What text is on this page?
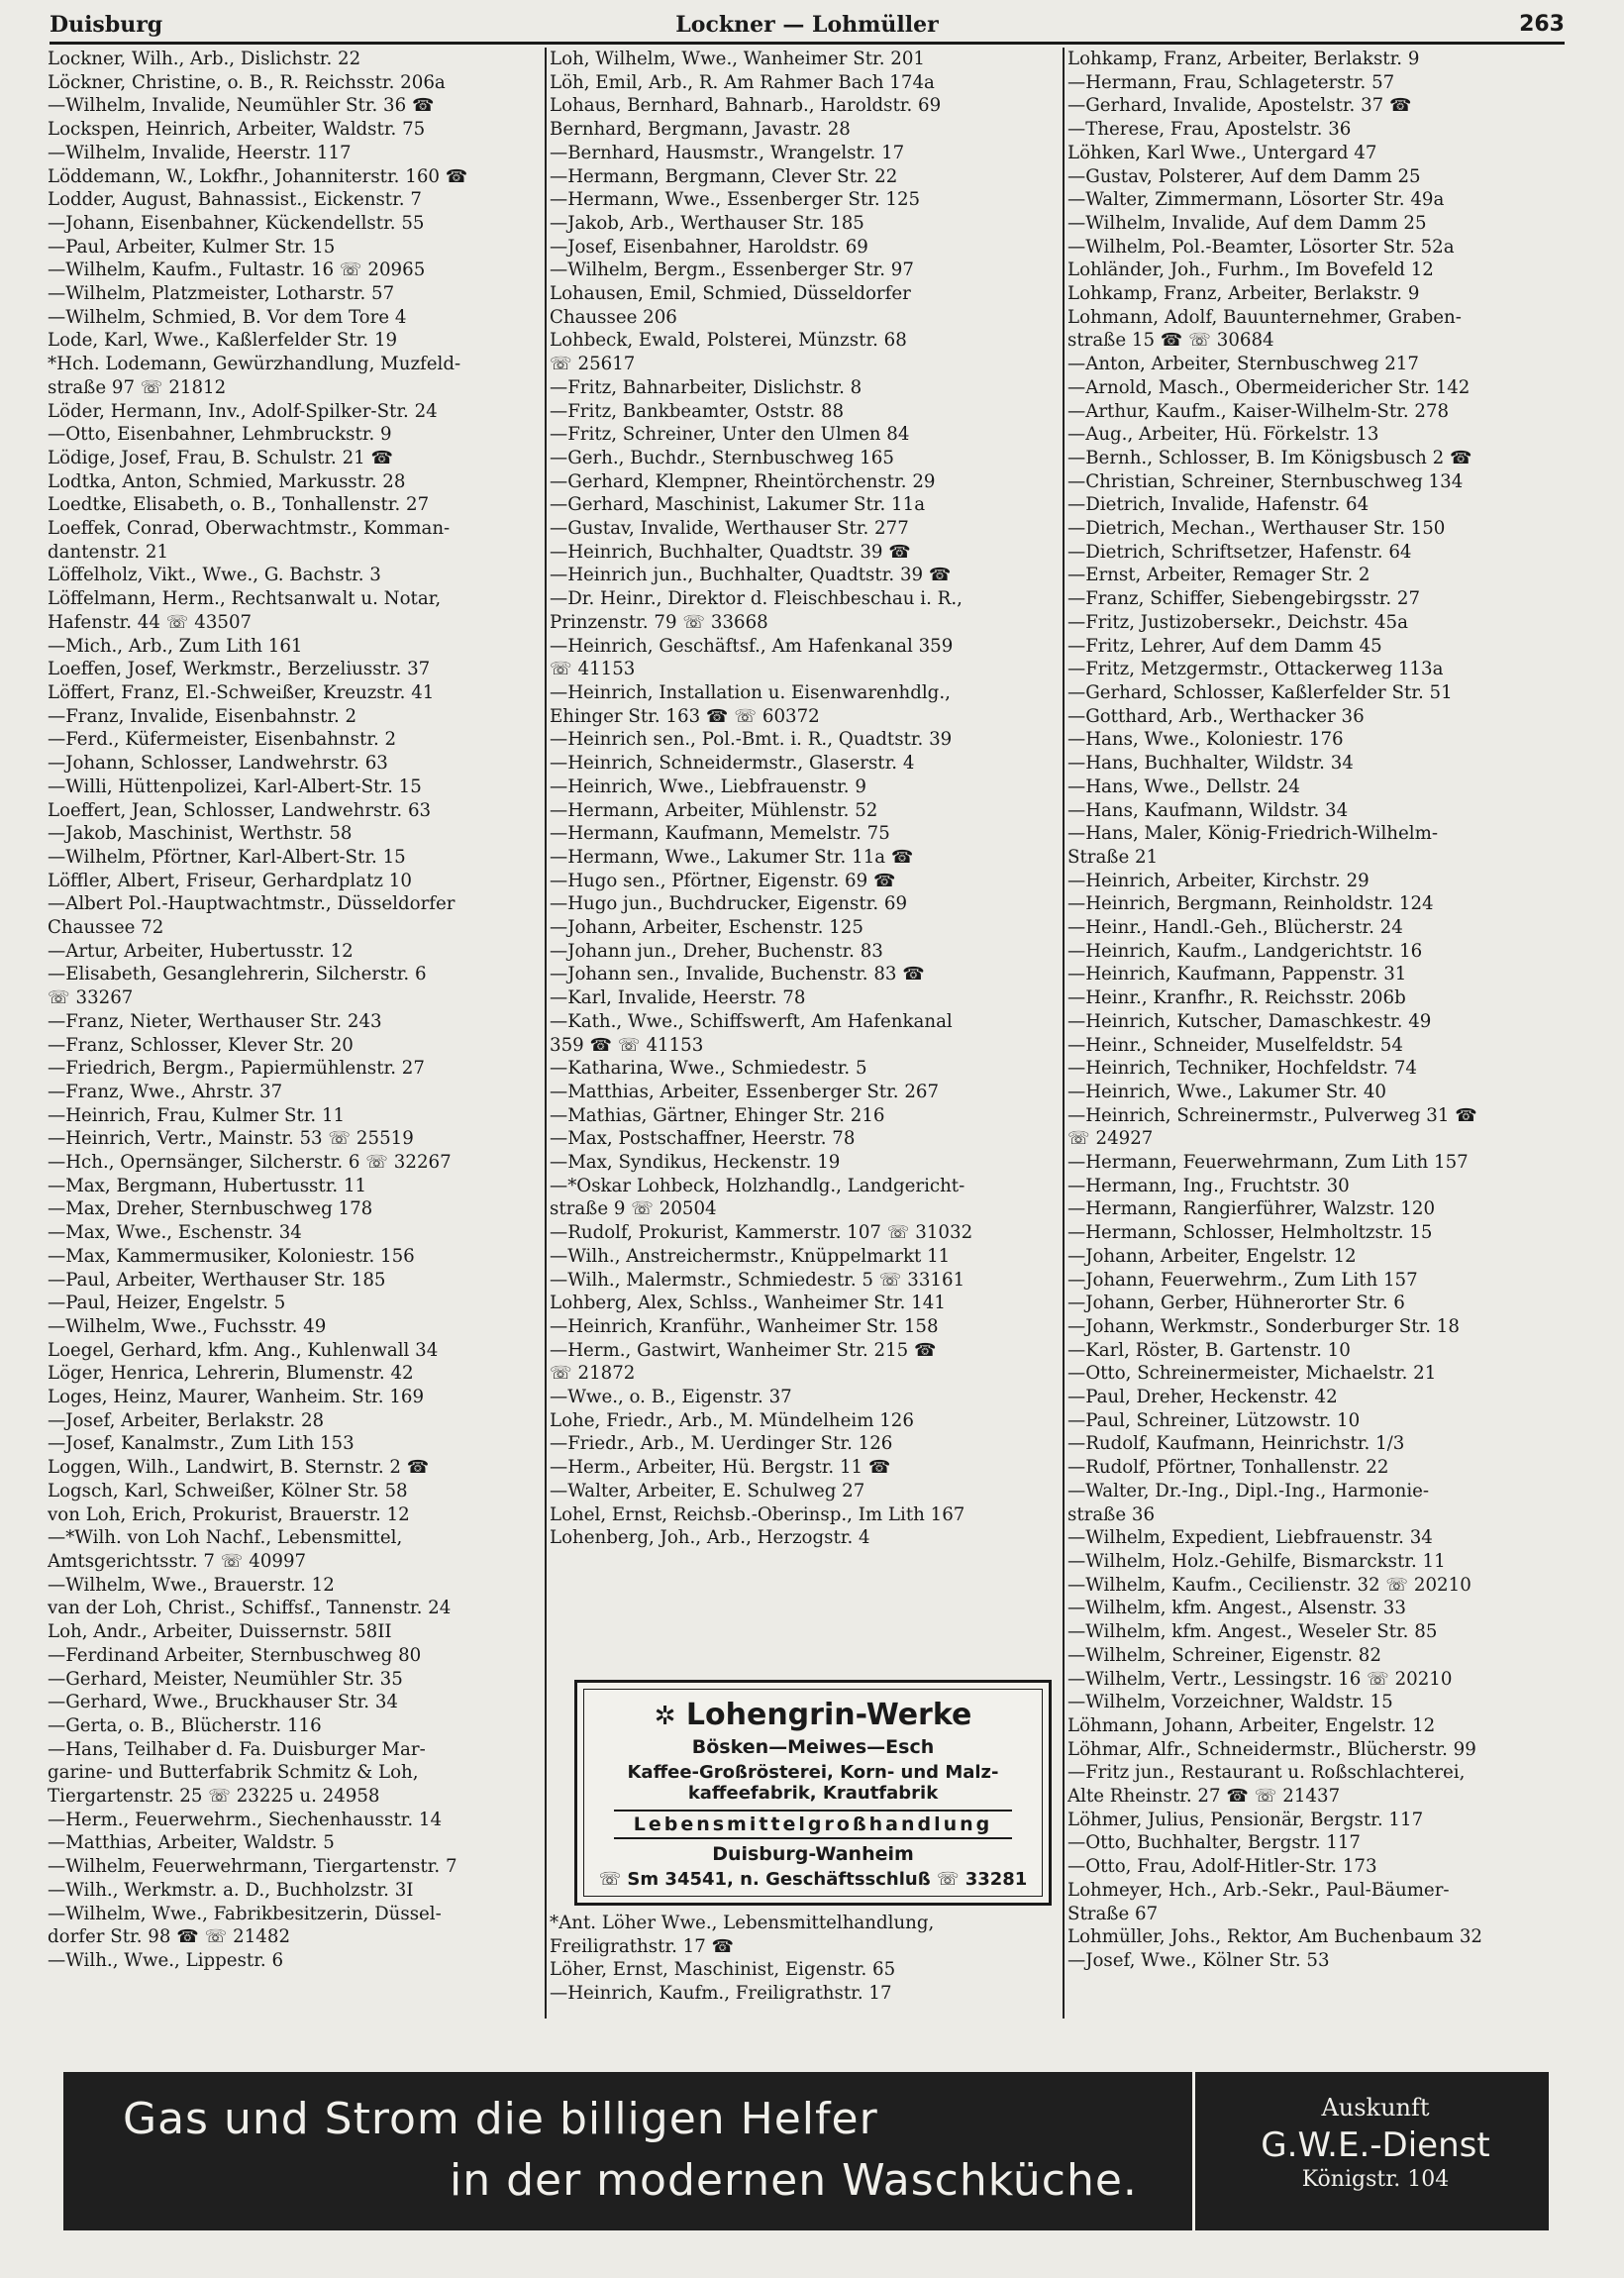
Duisburg	Lockner — Lohmüller	263
Lockner, Wilh., Arb., Dislichstr. 22
Löckner, Christine, o. B., R. Reichsstr. 206a
—Wilhelm, Invalide, Neumühler Str. 36 ☎
Lockspen, Heinrich, Arbeiter, Waldstr. 75
—Wilhelm, Invalide, Heerstr. 117
Löddemann, W., Lokfhr., Johanniterstr. 160 ☎
Lodder, August, Bahnassist., Eickenstr. 7
—Johann, Eisenbahner, Kückendellstr. 55
—Paul, Arbeiter, Kulmer Str. 15
—Wilhelm, Kaufm., Fultastr. 16 ☏ 20965
—Wilhelm, Platzmeister, Lotharstr. 57
—Wilhelm, Schmied, B. Vor dem Tore 4
Lode, Karl, Wwe., Kaßlerfelder Str. 19
*Hch. Lodemann, Gewürzhandlung, Muzfeld-
straße 97 ☏ 21812
Löder, Hermann, Inv., Adolf-Spilker-Str. 24
—Otto, Eisenbahner, Lehmbruckstr. 9
Lödige, Josef, Frau, B. Schulstr. 21 ☎
Lodtka, Anton, Schmied, Markusstr. 28
Loedtke, Elisabeth, o. B., Tonhallenstr. 27
Loeffek, Conrad, Oberwachtmstr., Komman-
dantenstr. 21
Löffelholz, Vikt., Wwe., G. Bachstr. 3
Löffelmann, Herm., Rechtsanwalt u. Notar,
Hafenstr. 44 ☏ 43507
—Mich., Arb., Zum Lith 161
Loeffen, Josef, Werkmstr., Berzeliusstr. 37
Löffert, Franz, El.-Schweißer, Kreuzstr. 41
—Franz, Invalide, Eisenbahnstr. 2
—Ferd., Küfermeister, Eisenbahnstr. 2
—Johann, Schlosser, Landwehrstr. 63
—Willi, Hüttenpolizei, Karl-Albert-Str. 15
Loeffert, Jean, Schlosser, Landwehrstr. 63
—Jakob, Maschinist, Werthstr. 58
—Wilhelm, Pförtner, Karl-Albert-Str. 15
Löffler, Albert, Friseur, Gerhardplatz 10
—Albert Pol.-Hauptwachtmstr., Düsseldorfer
Chaussee 72
—Artur, Arbeiter, Hubertusstr. 12
—Elisabeth, Gesanglehrerin, Silcherstr. 6
☏ 33267
—Franz, Nieter, Werthauser Str. 243
—Franz, Schlosser, Klever Str. 20
—Friedrich, Bergm., Papiermühlenstr. 27
—Franz, Wwe., Ahrstr. 37
—Heinrich, Frau, Kulmer Str. 11
—Heinrich, Vertr., Mainstr. 53 ☏ 25519
—Hch., Opernsänger, Silcherstr. 6 ☏ 32267
—Max, Bergmann, Hubertusstr. 11
—Max, Dreher, Sternbuschweg 178
—Max, Wwe., Eschenstr. 34
—Max, Kammermusiker, Koloniestr. 156
—Paul, Arbeiter, Werthauser Str. 185
—Paul, Heizer, Engelstr. 5
—Wilhelm, Wwe., Fuchsstr. 49
Loegel, Gerhard, kfm. Ang., Kuhlenwall 34
Löger, Henrica, Lehrerin, Blumenstr. 42
Loges, Heinz, Maurer, Wanheim. Str. 169
—Josef, Arbeiter, Berlakstr. 28
—Josef, Kanalmstr., Zum Lith 153
Loggen, Wilh., Landwirt, B. Sternstr. 2 ☎
Logsch, Karl, Schweißer, Kölner Str. 58
von Loh, Erich, Prokurist, Brauerstr. 12
—*Wilh. von Loh Nachf., Lebensmittel,
Amtsgerichtsstr. 7 ☏ 40997
—Wilhelm, Wwe., Brauerstr. 12
van der Loh, Christ., Schiffsf., Tannenstr. 24
Loh, Andr., Arbeiter, Duissernstr. 58II
—Ferdinand Arbeiter, Sternbuschweg 80
—Gerhard, Meister, Neumühler Str. 35
—Gerhard, Wwe., Bruckhauser Str. 34
—Gerta, o. B., Blücherstr. 116
—Hans, Teilhaber d. Fa. Duisburger Mar-
garine- und Butterfabrik Schmitz & Loh,
Tiergartenstr. 25 ☏ 23225 u. 24958
—Herm., Feuerwehrm., Siechenhausstr. 14
—Matthias, Arbeiter, Waldstr. 5
—Wilhelm, Feuerwehrmann, Tiergartenstr. 7
—Wilh., Werkmstr. a. D., Buchholzstr. 3I
—Wilhelm, Wwe., Fabrikbesitzerin, Düssel-
dorfer Str. 98 ☎ ☏ 21482
—Wilh., Wwe., Lippestr. 6
Loh, Wilhelm, Wwe., Wanheimer Str. 201
Löh, Emil, Arb., R. Am Rahmer Bach 174a
Lohaus, Bernhard, Bahnarb., Haroldstr. 69
Bernhard, Bergmann, Javastr. 28
—Bernhard, Hausmstr., Wrangelstr. 17
—Hermann, Bergmann, Clever Str. 22
—Hermann, Wwe., Essenberger Str. 125
—Jakob, Arb., Werthauser Str. 185
—Josef, Eisenbahner, Haroldstr. 69
—Wilhelm, Bergm., Essenberger Str. 97
Lohausen, Emil, Schmied, Düsseldorfer
Chaussee 206
Lohbeck, Ewald, Polsterei, Münzstr. 68
☏ 25617
—Fritz, Bahnarbeiter, Dislichstr. 8
—Fritz, Bankbeamter, Oststr. 88
—Fritz, Schreiner, Unter den Ulmen 84
—Gerh., Buchdr., Sternbuschweg 165
—Gerhard, Klempner, Rheintörchenstr. 29
—Gerhard, Maschinist, Lakumer Str. 11a
—Gustav, Invalide, Werthauser Str. 277
—Heinrich, Buchhalter, Quadtstr. 39 ☎
—Heinrich jun., Buchhalter, Quadtstr. 39 ☎
—Dr. Heinr., Direktor d. Fleischbeschau i. R.,
Prinzenstr. 79 ☏ 33668
—Heinrich, Geschäftsf., Am Hafenkanal 359
☏ 41153
—Heinrich, Installation u. Eisenwarenhdlg.,
Ehinger Str. 163 ☎ ☏ 60372
—Heinrich sen., Pol.-Bmt. i. R., Quadtstr. 39
—Heinrich, Schneidermstr., Glaserstr. 4
—Heinrich, Wwe., Liebfrauenstr. 9
—Hermann, Arbeiter, Mühlenstr. 52
—Hermann, Kaufmann, Memelstr. 75
—Hermann, Wwe., Lakumer Str. 11a ☎
—Hugo sen., Pförtner, Eigenstr. 69 ☎
—Hugo jun., Buchdrucker, Eigenstr. 69
—Johann, Arbeiter, Eschenstr. 125
—Johann jun., Dreher, Buchenstr. 83
—Johann sen., Invalide, Buchenstr. 83 ☎
—Karl, Invalide, Heerstr. 78
—Kath., Wwe., Schiffswerft, Am Hafenkanal
359 ☎ ☏ 41153
—Katharina, Wwe., Schmiedestr. 5
—Matthias, Arbeiter, Essenberger Str. 267
—Mathias, Gärtner, Ehinger Str. 216
—Max, Postschaffner, Heerstr. 78
—Max, Syndikus, Heckenstr. 19
—*Oskar Lohbeck, Holzhandlg., Landgericht-
straße 9 ☏ 20504
—Rudolf, Prokurist, Kammerstr. 107 ☏ 31032
—Wilh., Anstreichermstr., Knüppelmarkt 11
—Wilh., Malermstr., Schmiedestr. 5 ☏ 33161
Lohberg, Alex, Schlss., Wanheimer Str. 141
—Heinrich, Kranführ., Wanheimer Str. 158
—Herm., Gastwirt, Wanheimer Str. 215 ☎
☏ 21872
—Wwe., o. B., Eigenstr. 37
Lohe, Friedr., Arb., M. Mündelheim 126
—Friedr., Arb., M. Uerdinger Str. 126
—Herm., Arbeiter, Hü. Bergstr. 11 ☎
—Walter, Arbeiter, E. Schulweg 27
Lohel, Ernst, Reichsb.-Oberinsp., Im Lith 167
Lohenberg, Joh., Arb., Herzogstr. 4
Lohkamp, Franz, Arbeiter, Berlakstr. 9
—Hermann, Frau, Schlageterstr. 57
—Gerhard, Invalide, Apostelstr. 37 ☎
—Therese, Frau, Apostelstr. 36
Löhken, Karl Wwe., Untergard 47
—Gustav, Polsterer, Auf dem Damm 25
—Walter, Zimmermann, Lösorter Str. 49a
—Wilhelm, Invalide, Auf dem Damm 25
—Wilhelm, Pol.-Beamter, Lösorter Str. 52a
Lohländer, Joh., Furhm., Im Bovefeld 12
Lohkamp, Franz, Arbeiter, Berlakstr. 9
Lohmann, Adolf, Bauunternehmer, Graben-
straße 15 ☎ ☏ 30684
—Anton, Arbeiter, Sternbuschweg 217
—Arnold, Masch., Obermeidericher Str. 142
—Arthur, Kaufm., Kaiser-Wilhelm-Str. 278
—Aug., Arbeiter, Hü. Förkelstr. 13
—Bernh., Schlosser, B. Im Königsbusch 2 ☎
—Christian, Schreiner, Sternbuschweg 134
—Dietrich, Invalide, Hafenstr. 64
—Dietrich, Mechan., Werthauser Str. 150
—Dietrich, Schriftsetzer, Hafenstr. 64
—Ernst, Arbeiter, Remager Str. 2
—Franz, Schiffer, Siebengebirgsstr. 27
—Fritz, Justizobersekr., Deichstr. 45a
—Fritz, Lehrer, Auf dem Damm 45
—Fritz, Metzgermstr., Ottackerweg 113a
—Gerhard, Schlosser, Kaßlerfelder Str. 51
—Gotthard, Arb., Werthacker 36
—Hans, Wwe., Koloniestr. 176
—Hans, Buchhalter, Wildstr. 34
—Hans, Wwe., Dellstr. 24
—Hans, Kaufmann, Wildstr. 34
—Hans, Maler, König-Friedrich-Wilhelm-
Straße 21
—Heinrich, Arbeiter, Kirchstr. 29
—Heinrich, Bergmann, Reinholdstr. 124
—Heinr., Handl.-Geh., Blücherstr. 24
—Heinrich, Kaufm., Landgerichtstr. 16
—Heinrich, Kaufmann, Pappenstr. 31
—Heinr., Kranfhr., R. Reichsstr. 206b
—Heinrich, Kutscher, Damaschkestr. 49
—Heinr., Schneider, Muselfeldstr. 54
—Heinrich, Techniker, Hochfeldstr. 74
—Heinrich, Wwe., Lakumer Str. 40
—Heinrich, Schreinermstr., Pulverweg 31 ☎
☏ 24927
—Hermann, Feuerwehrmann, Zum Lith 157
—Hermann, Ing., Fruchtstr. 30
—Hermann, Rangierführer, Walzstr. 120
—Hermann, Schlosser, Helmholtzstr. 15
—Johann, Arbeiter, Engelstr. 12
—Johann, Feuerwehrm., Zum Lith 157
—Johann, Gerber, Hühnerorter Str. 6
—Johann, Werkmstr., Sonderburger Str. 18
—Karl, Röster, B. Gartenstr. 10
—Otto, Schreinermeister, Michaelstr. 21
—Paul, Dreher, Heckenstr. 42
—Paul, Schreiner, Lützowstr. 10
—Rudolf, Kaufmann, Heinrichstr. 1/3
—Rudolf, Pförtner, Tonhallenstr. 22
—Walter, Dr.-Ing., Dipl.-Ing., Harmonie-
straße 36
—Wilhelm, Expedient, Liebfrauenstr. 34
—Wilhelm, Holz.-Gehilfe, Bismarckstr. 11
—Wilhelm, Kaufm., Cecilienstr. 32 ☏ 20210
—Wilhelm, kfm. Angest., Alsenstr. 33
—Wilhelm, kfm. Angest., Weseler Str. 85
—Wilhelm, Schreiner, Eigenstr. 82
—Wilhelm, Vertr., Lessingstr. 16 ☏ 20210
—Wilhelm, Vorzeichner, Waldstr. 15
Löhmann, Johann, Arbeiter, Engelstr. 12
Löhmar, Alfr., Schneidermstr., Blücherstr. 99
—Fritz jun., Restaurant u. Roßschlachterei,
Alte Rheinstr. 27 ☎ ☏ 21437
Löhmer, Julius, Pensionär, Bergstr. 117
—Otto, Buchhalter, Bergstr. 117
—Otto, Frau, Adolf-Hitler-Str. 173
Lohmeyer, Hch., Arb.-Sekr., Paul-Bäumer-
Straße 67
Lohmüller, Johs., Rektor, Am Buchenbaum 32
—Josef, Wwe., Kölner Str. 53
✲ Lohengrin-Werke
Bösken—Meiwes—Esch
Kaffee-Großrösterei, Korn- und Malz-
kaffeefabrik, Krautfabrik
Lebensmittelgroßhandlung
Duisburg-Wanheim
☏ Sm 34541, n. Geschäftsschluß ☏ 33281
*Ant. Löher Wwe., Lebensmittelhandlung,
Freiligrathstr. 17 ☎
Löher, Ernst, Maschinist, Eigenstr. 65
—Heinrich, Kaufm., Freiligrathstr. 17
Gas und Strom die billigen Helfer
in der modernen Waschküche.
Auskunft
G.W.E.-Dienst
Königstr. 104
